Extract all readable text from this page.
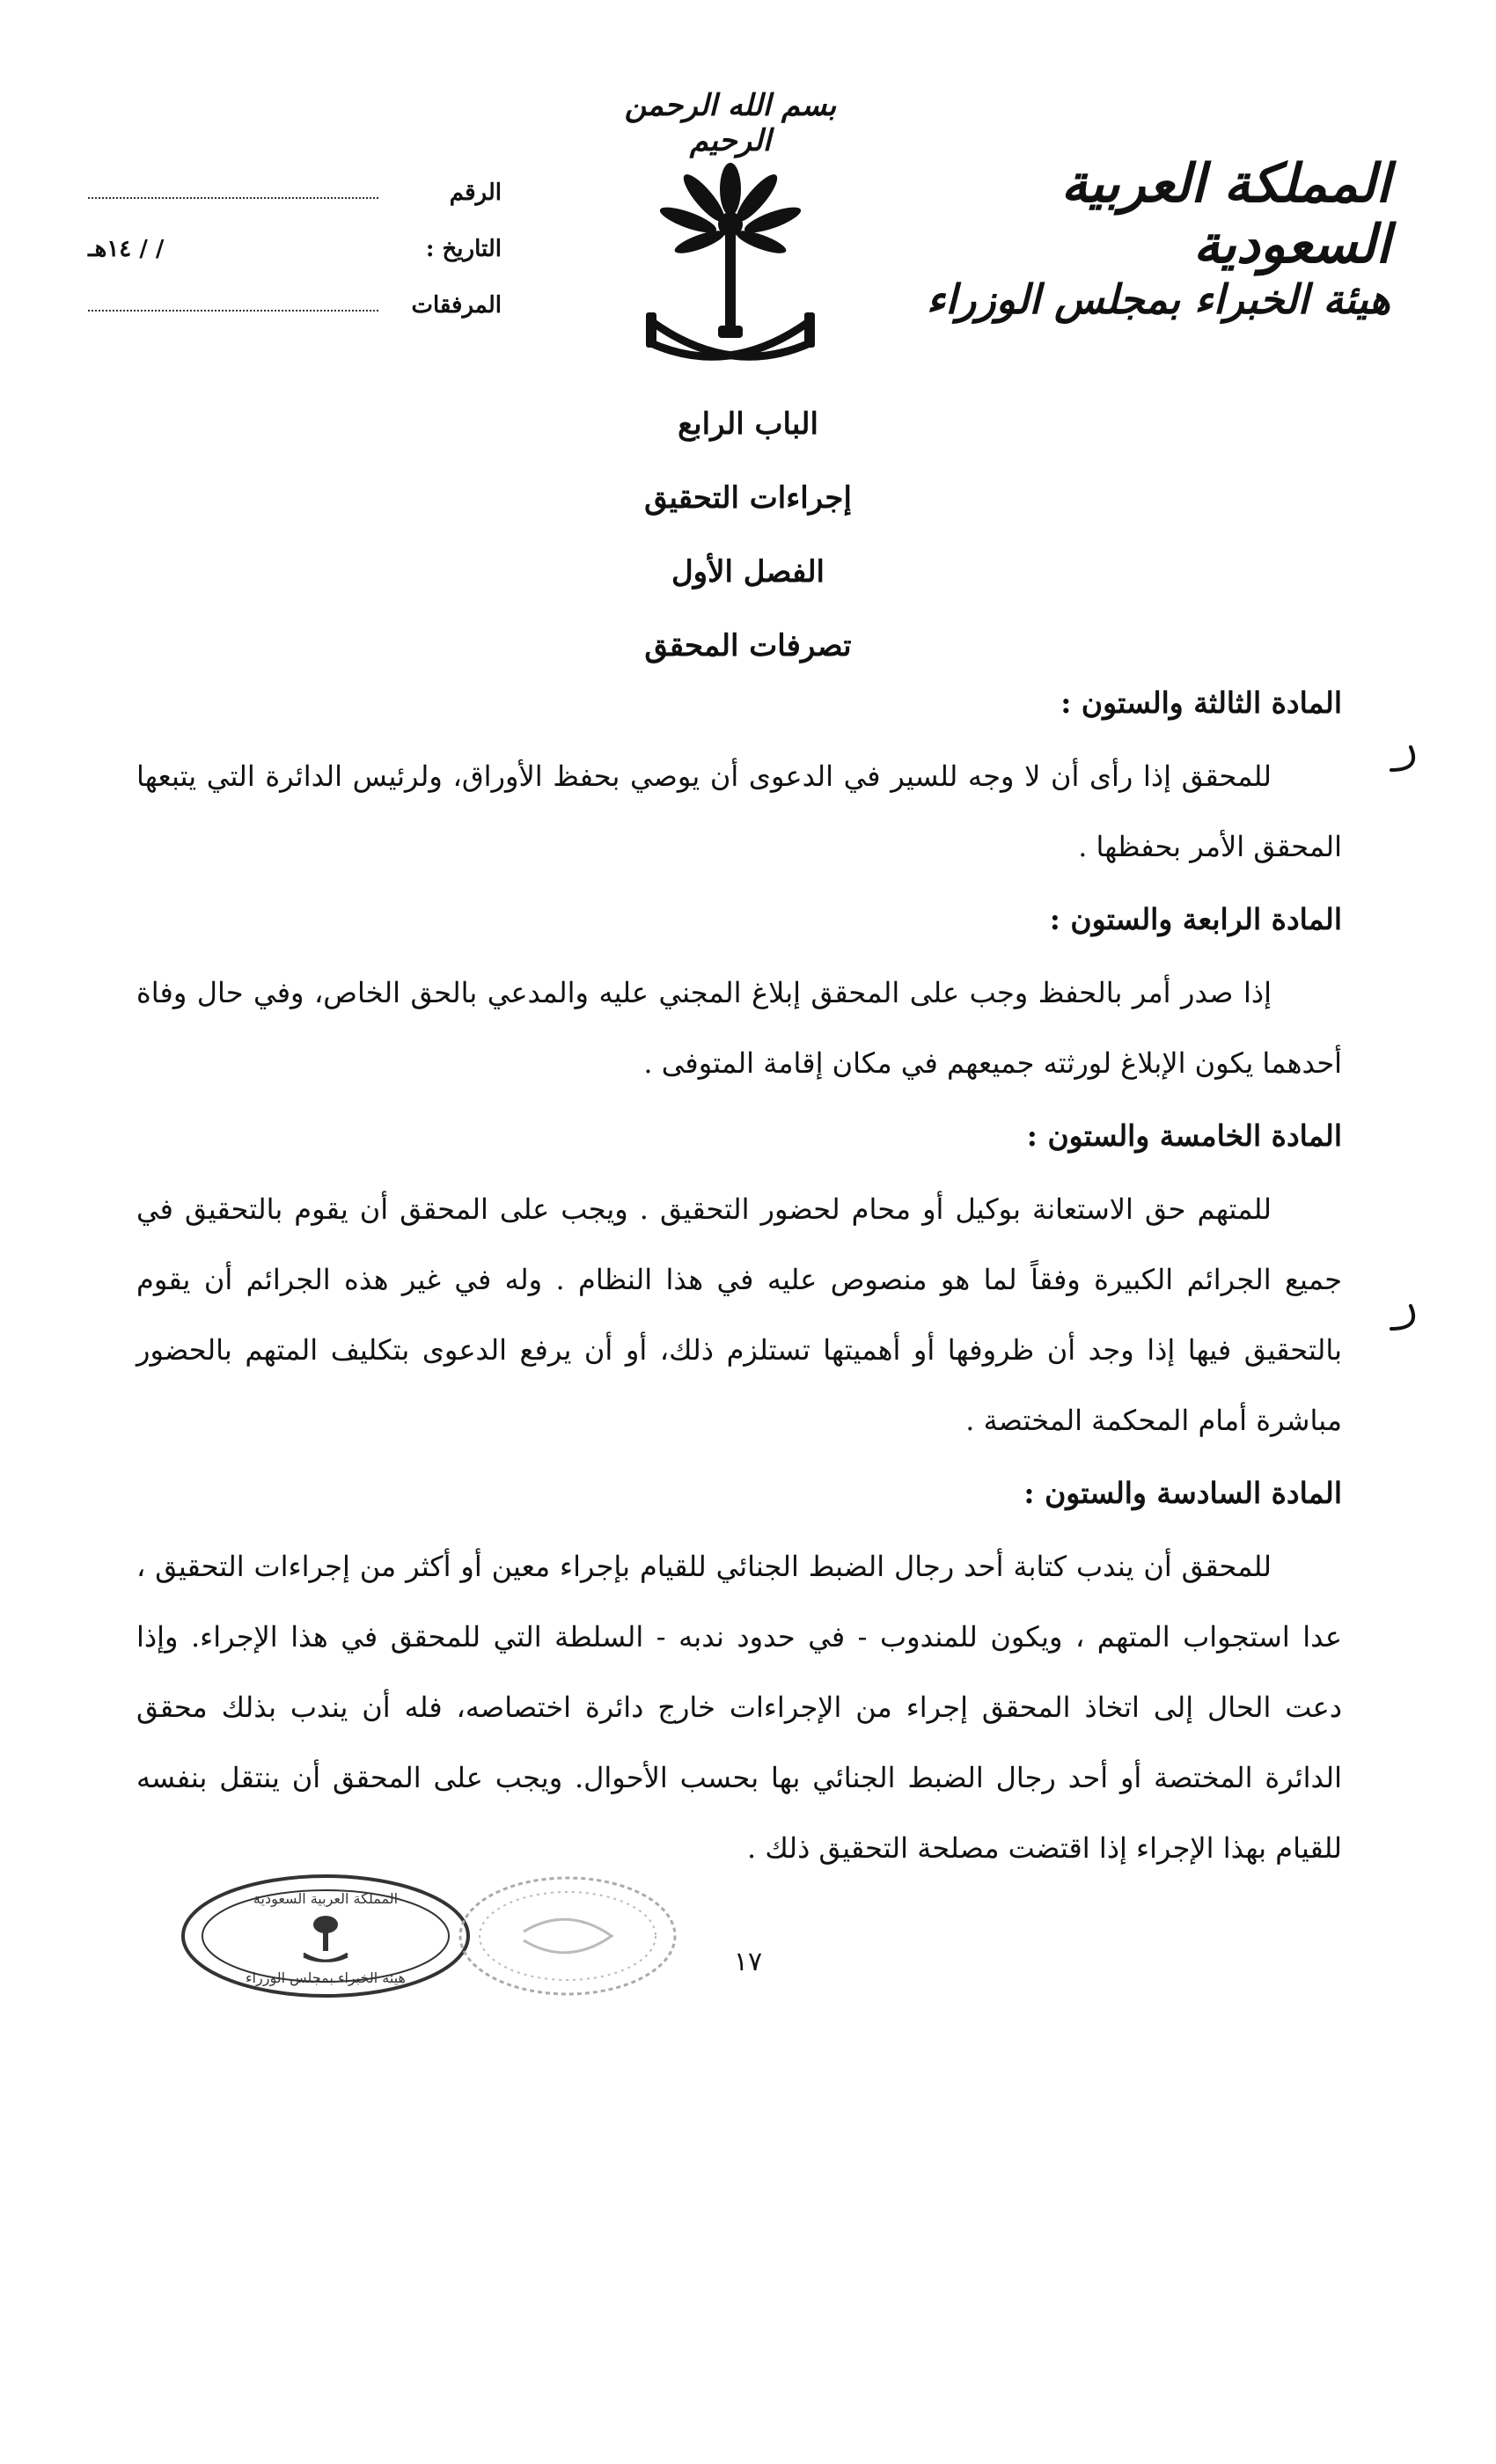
بسم الله الرحمن الرحيم
المملكة العربية السعودية
هيئة الخبراء بمجلس الوزراء
الرقم
التاريخ :
/ / ١٤هـ
المرفقات
الباب الرابع
إجراءات التحقيق
الفصل الأول
تصرفات المحقق
المادة الثالثة والستون :
للمحقق إذا رأى أن لا وجه للسير في الدعوى أن يوصي بحفظ الأوراق، ولرئيس الدائرة التي يتبعها المحقق الأمر بحفظها .
المادة الرابعة والستون :
إذا صدر أمر بالحفظ وجب على المحقق إبلاغ المجني عليه والمدعي بالحق الخاص، وفي حال وفاة أحدهما يكون الإبلاغ لورثته جميعهم في مكان إقامة المتوفى .
المادة الخامسة والستون :
للمتهم حق الاستعانة بوكيل أو محام لحضور التحقيق . ويجب على المحقق أن يقوم بالتحقيق في جميع الجرائم الكبيرة وفقاً لما هو منصوص عليه في هذا النظام . وله في غير هذه الجرائم أن يقوم بالتحقيق فيها إذا وجد أن ظروفها أو أهميتها تستلزم ذلك، أو أن يرفع الدعوى بتكليف المتهم بالحضور مباشرة أمام المحكمة المختصة .
المادة السادسة والستون :
للمحقق أن يندب كتابة أحد رجال الضبط الجنائي للقيام بإجراء معين أو أكثر من إجراءات التحقيق ، عدا استجواب المتهم ، ويكون للمندوب - في حدود ندبه - السلطة التي للمحقق في هذا الإجراء. وإذا دعت الحال إلى اتخاذ المحقق إجراء من الإجراءات خارج دائرة اختصاصه، فله أن يندب بذلك محقق الدائرة المختصة أو أحد رجال الضبط الجنائي بها بحسب الأحوال. ويجب على المحقق أن ينتقل بنفسه للقيام بهذا الإجراء إذا اقتضت مصلحة التحقيق ذلك .
المملكة العربية السعودية
هيئة الخبراء بمجلس الوزراء
١٧
